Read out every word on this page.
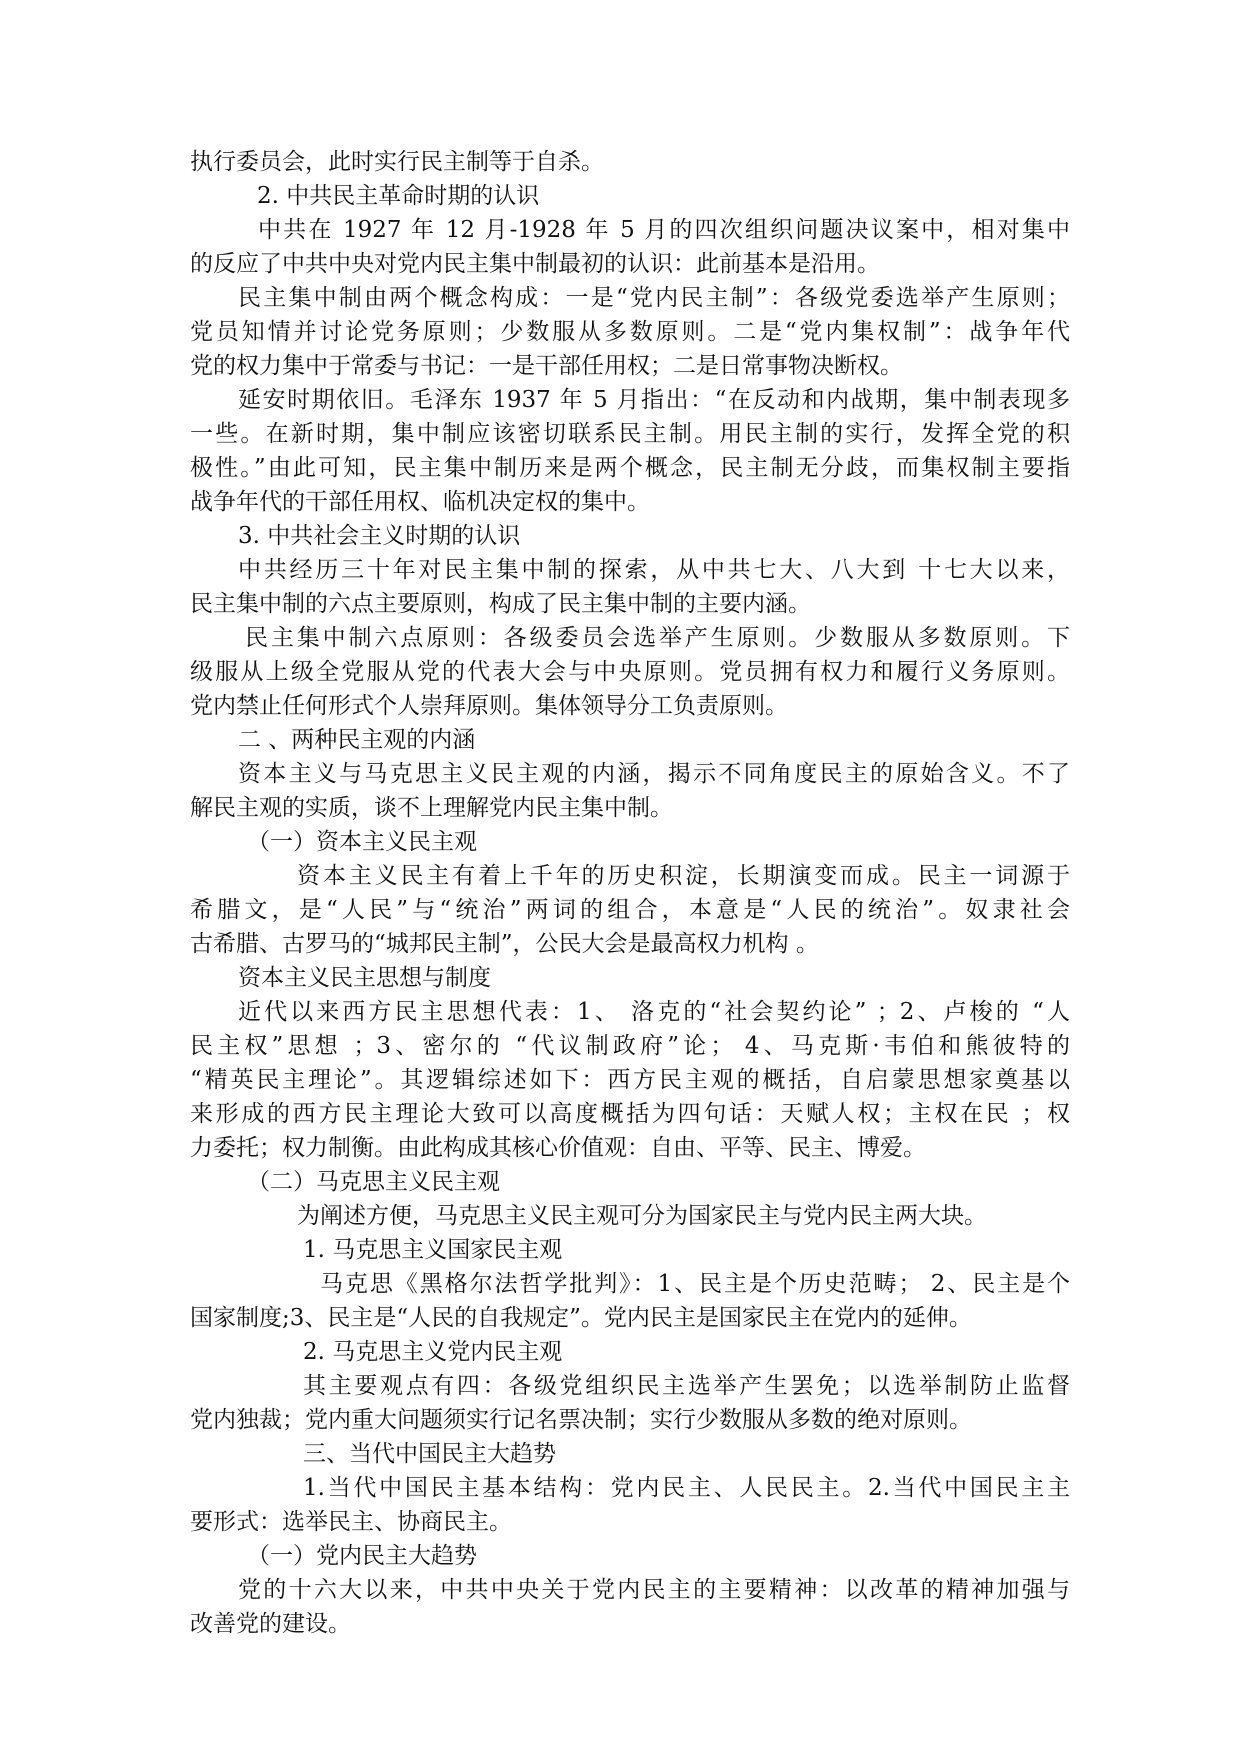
执行委员会，此时实行民主制等于自杀。
2. 中共民主革命时期的认识
中共在 1927 年 12 月-1928 年 5 月的四次组织问题决议案中，相对集中
的反应了中共中央对党内民主集中制最初的认识：此前基本是沿用。
民主集中制由两个概念构成：一是“党内民主制”：各级党委选举产生原则；
党员知情并讨论党务原则；少数服从多数原则。二是“党内集权制”：战争年代
党的权力集中于常委与书记：一是干部任用权；二是日常事物决断权。
延安时期依旧。毛泽东 1937 年 5 月指出：“在反动和内战期，集中制表现多
一些。在新时期，集中制应该密切联系民主制。用民主制的实行，发挥全党的积
极性。”由此可知，民主集中制历来是两个概念，民主制无分歧，而集权制主要指
战争年代的干部任用权、临机决定权的集中。
3. 中共社会主义时期的认识
中共经历三十年对民主集中制的探索，从中共七大、八大到 十七大以来，
民主集中制的六点主要原则，构成了民主集中制的主要内涵。
民主集中制六点原则：各级委员会选举产生原则。少数服从多数原则。下
级服从上级全党服从党的代表大会与中央原则。党员拥有权力和履行义务原则。
党内禁止任何形式个人崇拜原则。集体领导分工负责原则。
二 、两种民主观的内涵
资本主义与马克思主义民主观的内涵，揭示不同角度民主的原始含义。不了
解民主观的实质，谈不上理解党内民主集中制。
（一）资本主义民主观
资本主义民主有着上千年的历史积淀，长期演变而成。民主一词源于
希腊文，是“人民”与“统治”两词的组合，本意是“人民的统治”。奴隶社会
古希腊、古罗马的“城邦民主制”，公民大会是最高权力机构 。
资本主义民主思想与制度
近代以来西方民主思想代表：1、 洛克的“社会契约论” ；2、卢梭的 “人
民主权”思想 ；3、密尔的 “代议制政府”论； 4、马克斯·韦伯和熊彼特的
“精英民主理论”。其逻辑综述如下：西方民主观的概括，自启蒙思想家奠基以
来形成的西方民主理论大致可以高度概括为四句话：天赋人权；主权在民 ；权
力委托；权力制衡。由此构成其核心价值观：自由、平等、民主、博爱。
（二）马克思主义民主观
为阐述方便，马克思主义民主观可分为国家民主与党内民主两大块。
1. 马克思主义国家民主观
马克思《黑格尔法哲学批判》：1、民主是个历史范畴； 2、民主是个
国家制度;3、民主是“人民的自我规定”。党内民主是国家民主在党内的延伸。
2. 马克思主义党内民主观
其主要观点有四：各级党组织民主选举产生罢免；以选举制防止监督
党内独裁；党内重大问题须实行记名票决制；实行少数服从多数的绝对原则。
三、当代中国民主大趋势
1.当代中国民主基本结构：党内民主、人民民主。2.当代中国民主主
要形式：选举民主、协商民主。
（一）党内民主大趋势
党的十六大以来，中共中央关于党内民主的主要精神：以改革的精神加强与
改善党的建设。
